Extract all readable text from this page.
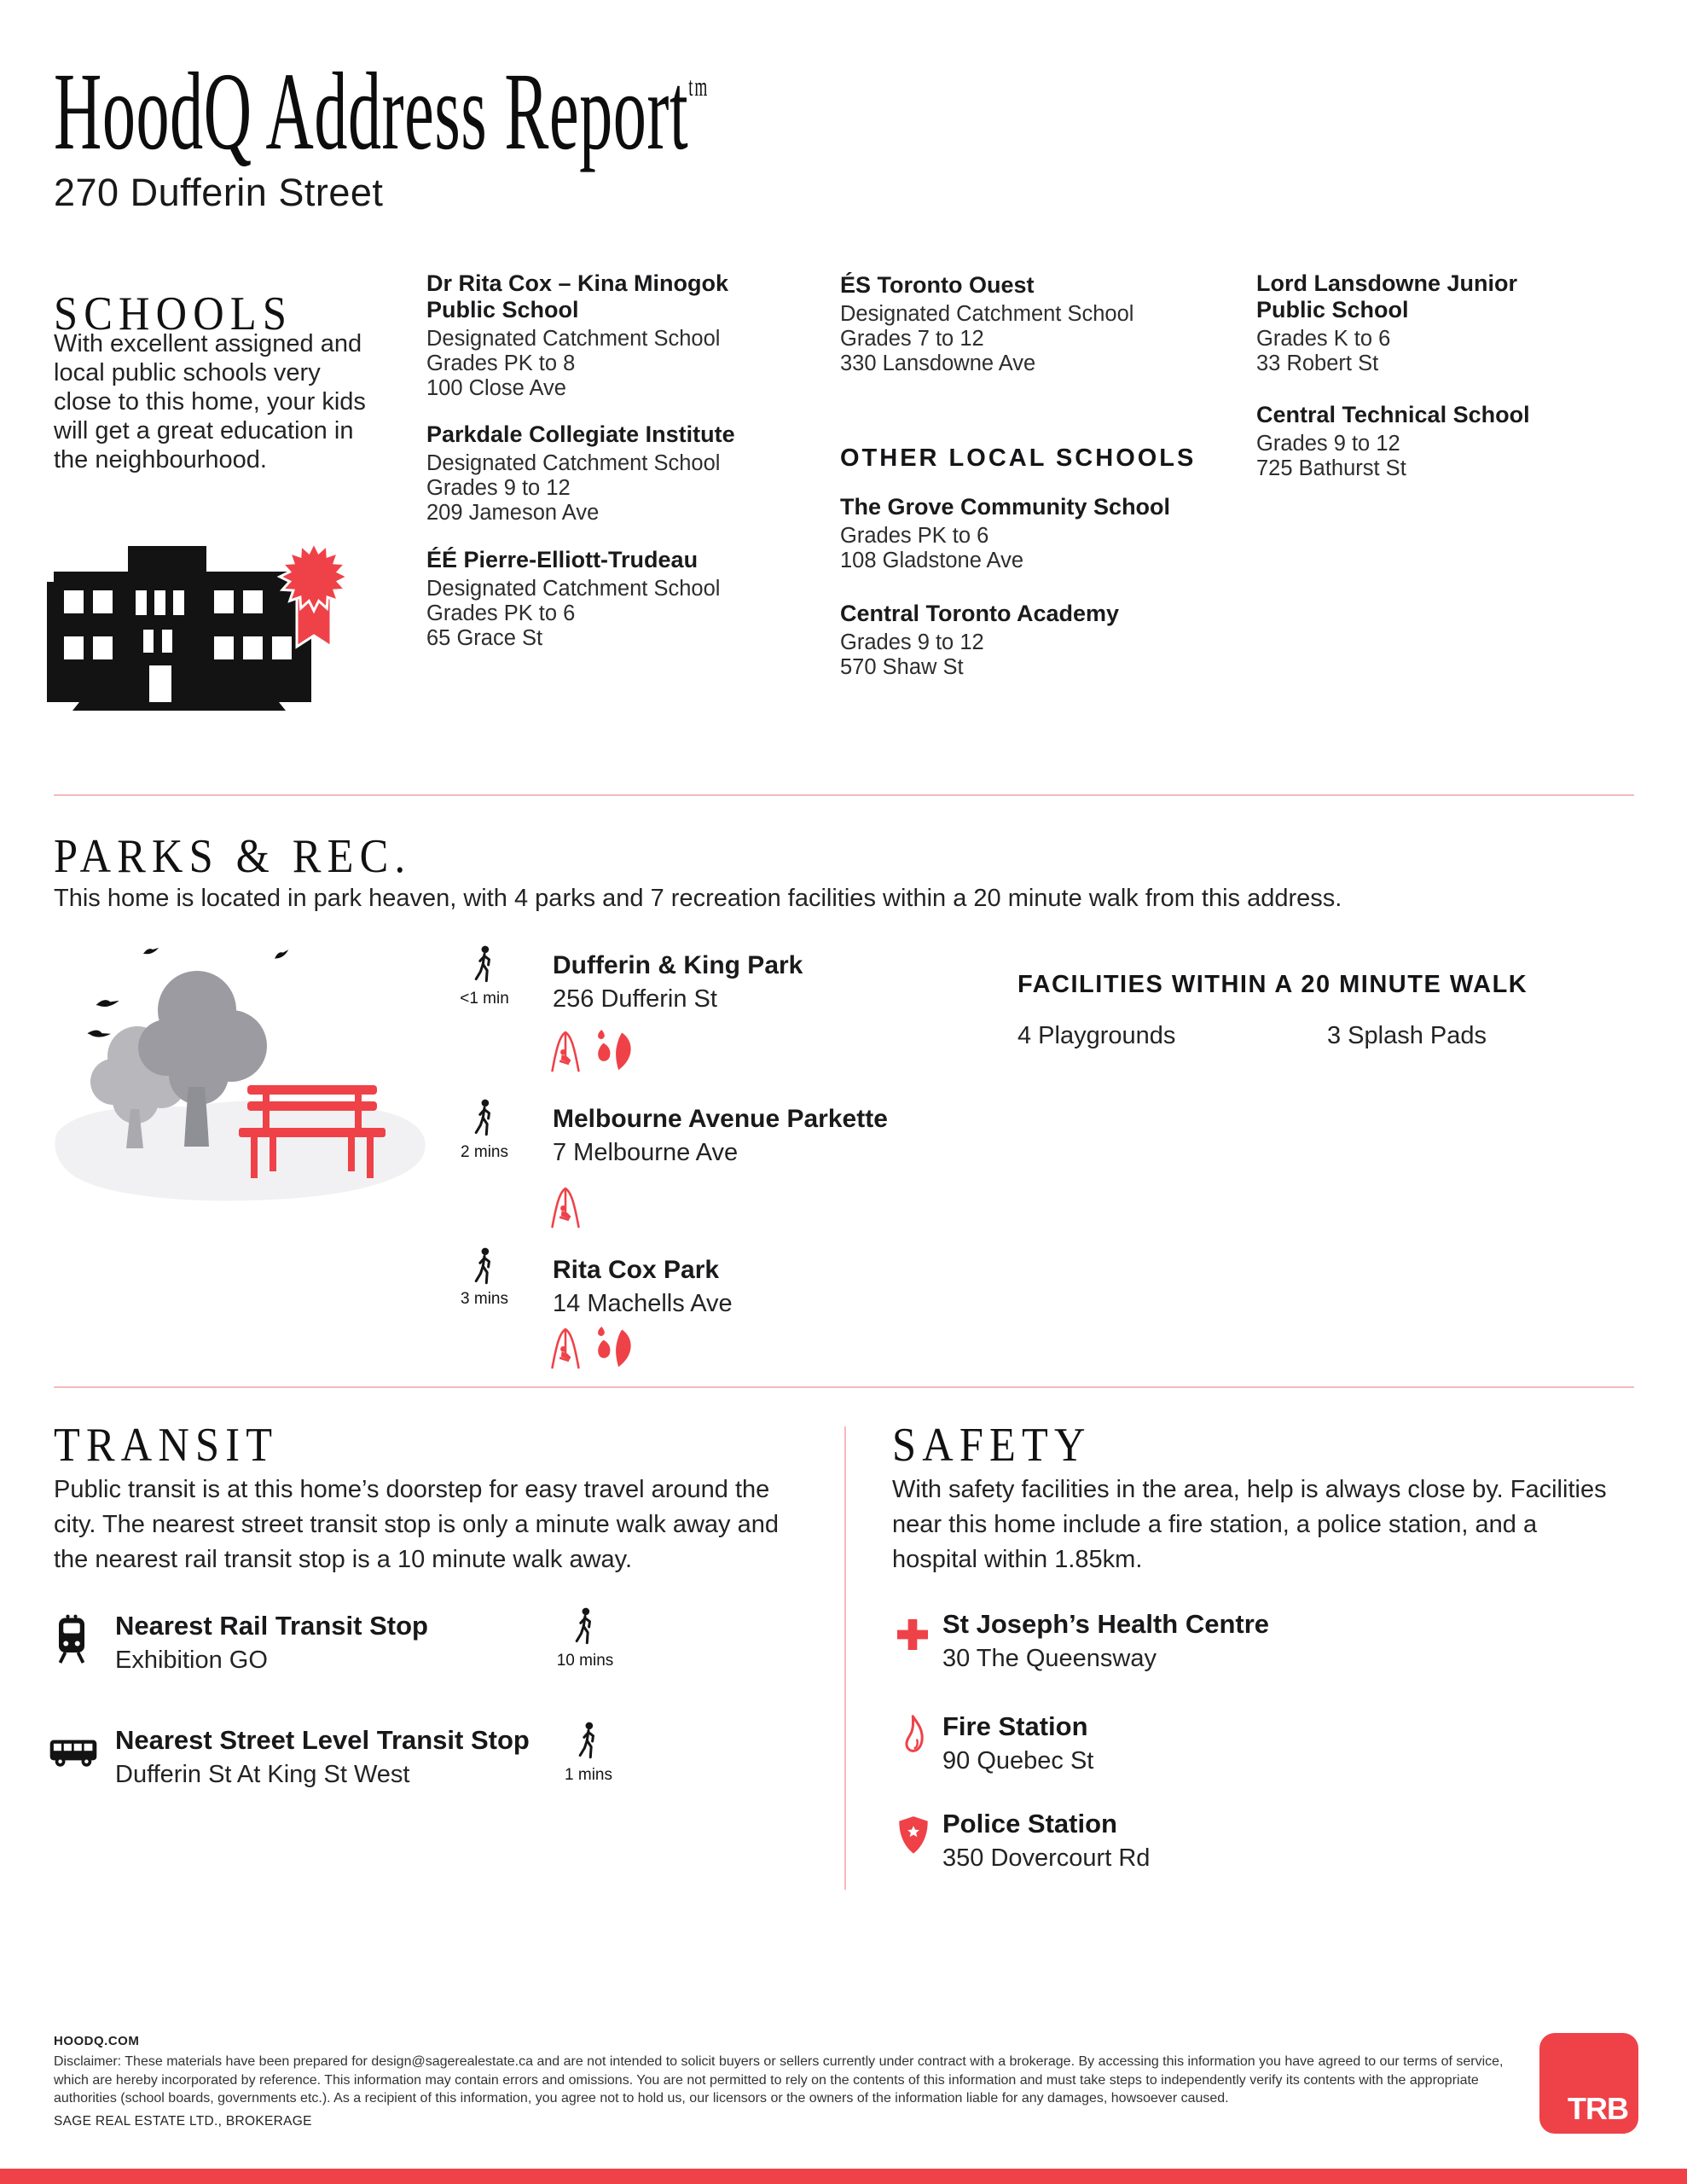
HoodQ Address Report$^{tm}$
270 Dufferin Street
SCHOOLS
With excellent assigned and local public schools very close to this home, your kids will get a great education in the neighbourhood.
Dr Rita Cox – Kina Minogok Public School
Designated Catchment School
Grades PK to 8
100 Close Ave
Parkdale Collegiate Institute
Designated Catchment School
Grades 9 to 12
209 Jameson Ave
ÉÉ Pierre-Elliott-Trudeau
Designated Catchment School
Grades PK to 6
65 Grace St
ÉS Toronto Ouest
Designated Catchment School
Grades 7 to 12
330 Lansdowne Ave
OTHER LOCAL SCHOOLS
The Grove Community School
Grades PK to 6
108 Gladstone Ave
Central Toronto Academy
Grades 9 to 12
570 Shaw St
Lord Lansdowne Junior Public School
Grades K to 6
33 Robert St
Central Technical School
Grades 9 to 12
725 Bathurst St
PARKS & REC.
This home is located in park heaven, with 4 parks and 7 recreation facilities within a 20 minute walk from this address.
<1 min
Dufferin & King Park
256 Dufferin St
2 mins
Melbourne Avenue Parkette
7 Melbourne Ave
3 mins
Rita Cox Park
14 Machells Ave
FACILITIES WITHIN A 20 MINUTE WALK
4 Playgrounds	3 Splash Pads
TRANSIT
Public transit is at this home’s doorstep for easy travel around the city. The nearest street transit stop is only a minute walk away and the nearest rail transit stop is a 10 minute walk away.
Nearest Rail Transit Stop
Exhibition GO	10 mins
Nearest Street Level Transit Stop
Dufferin St At King St West	1 mins
SAFETY
With safety facilities in the area, help is always close by. Facilities near this home include a fire station, a police station, and a hospital within 1.85km.
St Joseph’s Health Centre
30 The Queensway
Fire Station
90 Quebec St
Police Station
350 Dovercourt Rd
HOODQ.COM
Disclaimer: These materials have been prepared for design@sagerealestate.ca and are not intended to solicit buyers or sellers currently under contract with a brokerage. By accessing this information you have agreed to our terms of service, which are hereby incorporated by reference. This information may contain errors and omissions. You are not permitted to rely on the contents of this information and must take steps to independently verify its contents with the appropriate authorities (school boards, governments etc.). As a recipient of this information, you agree not to hold us, our licensors or the owners of the information liable for any damages, howsoever caused.
SAGE REAL ESTATE LTD., BROKERAGE	TRB
